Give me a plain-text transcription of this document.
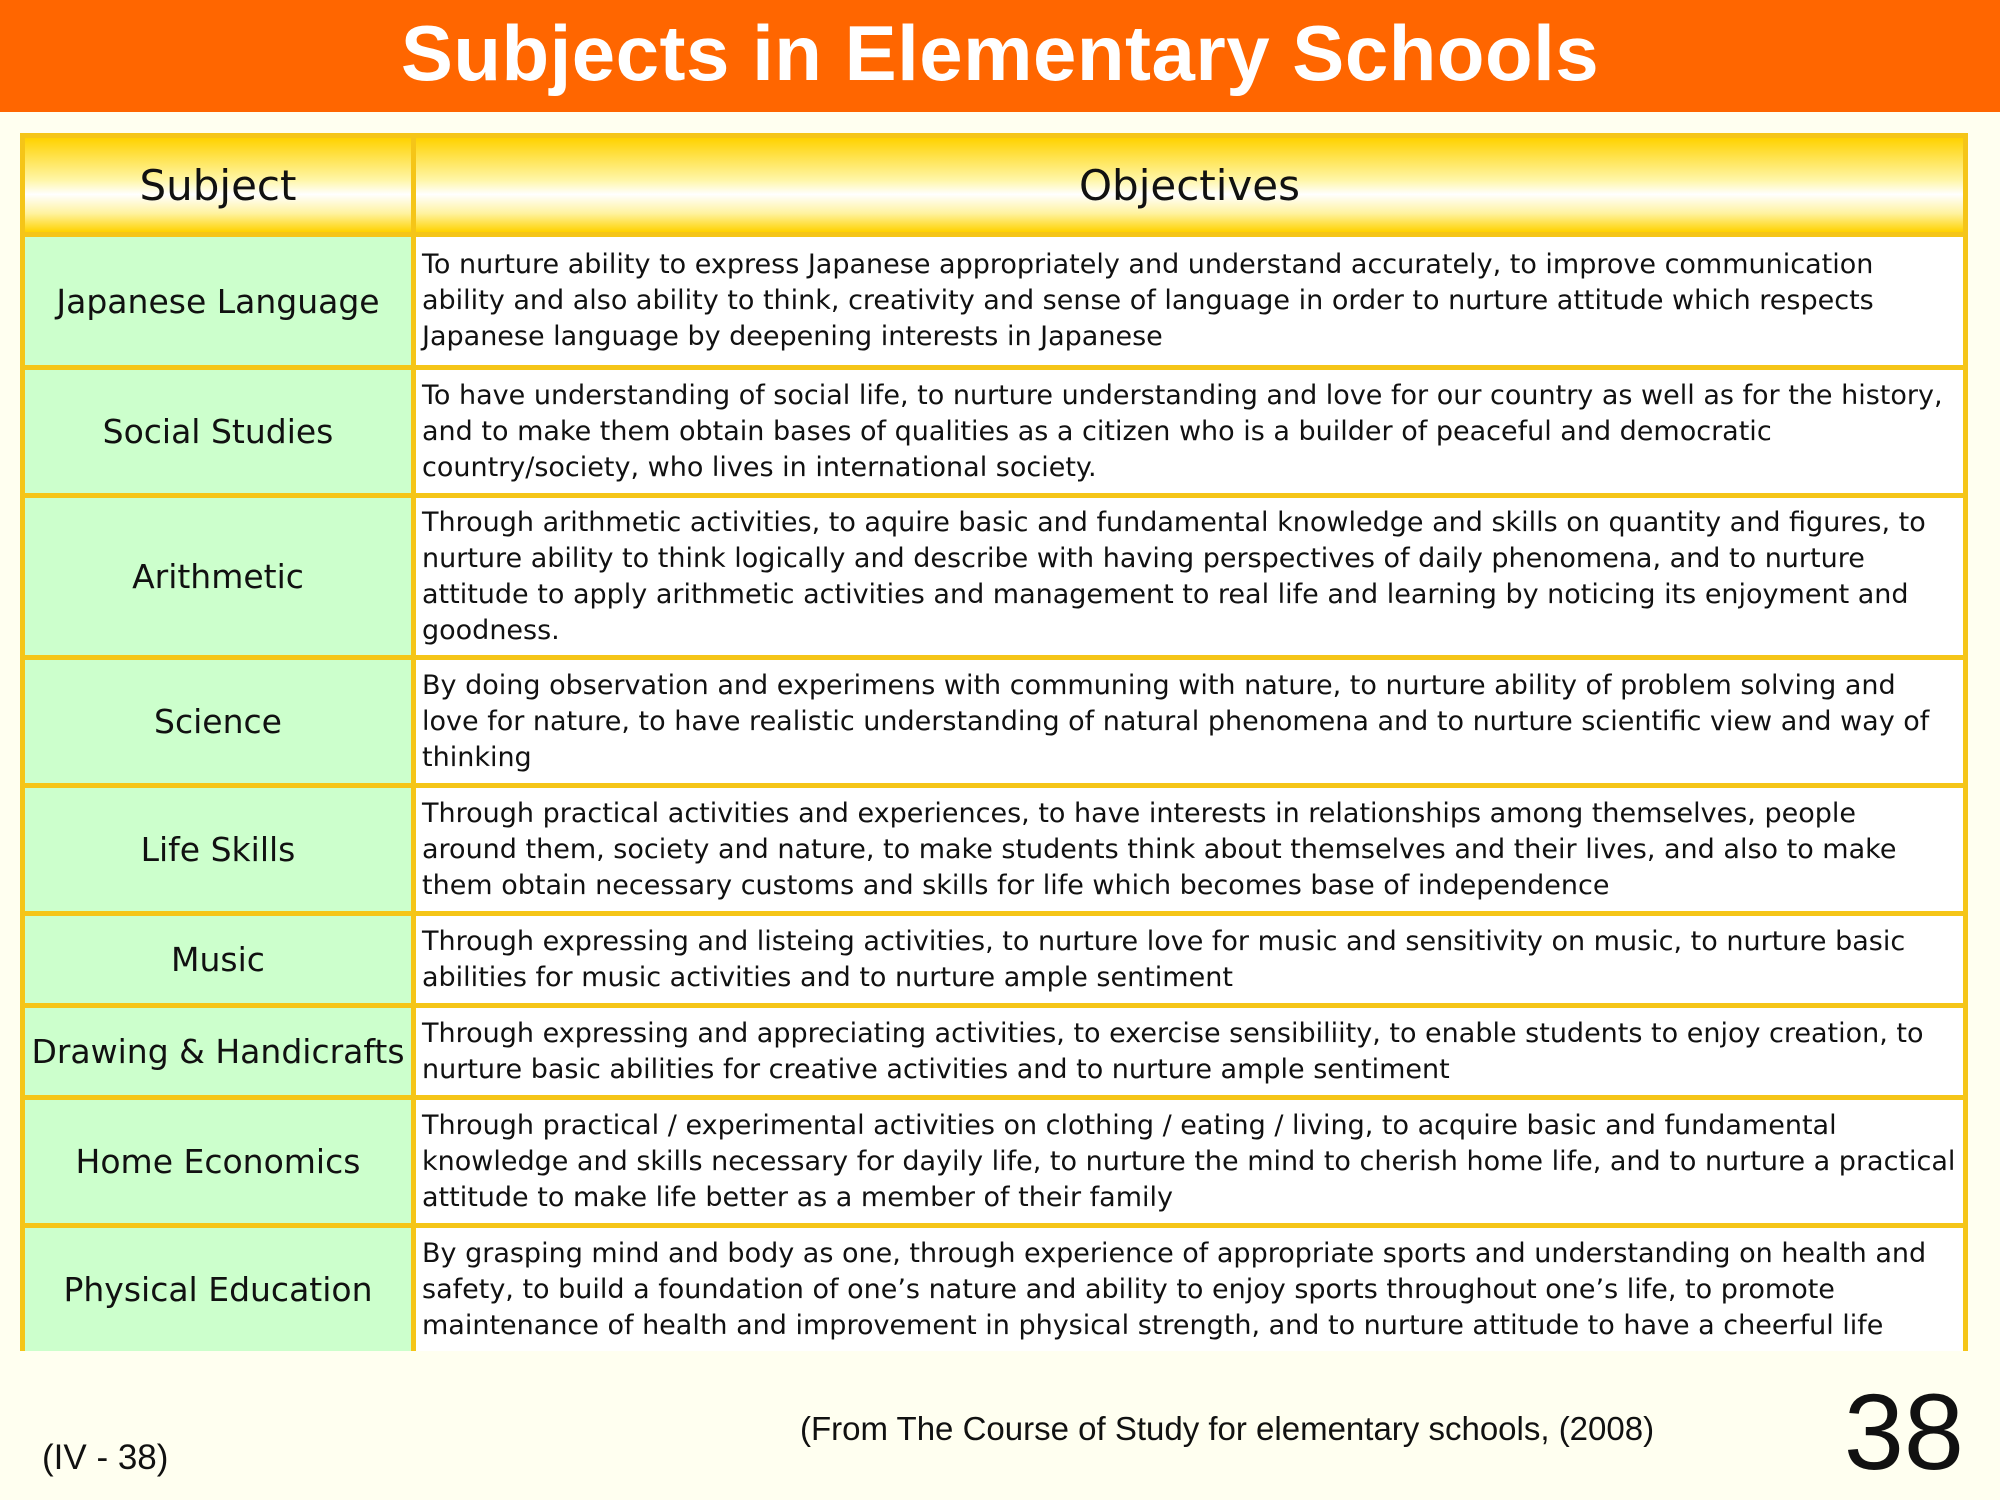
Subjects in Elementary Schools
Subject	Objectives
Japanese Language	To nurture ability to express Japanese appropriately and understand accurately, to improve communication ability and also ability to think, creativity and sense of language in order to nurture attitude which respects Japanese language by deepening interests in Japanese
Social Studies	To have understanding of social life, to nurture understanding and love for our country as well as for the history, and to make them obtain bases of qualities as a citizen who is a builder of peaceful and democratic country/society, who lives in international society.
Arithmetic	Through arithmetic activities, to aquire basic and fundamental knowledge and skills on quantity and figures, to nurture ability to think logically and describe with having perspectives of daily phenomena, and to nurture attitude to apply arithmetic activities and management to real life and learning by noticing its enjoyment and goodness.
Science	By doing observation and experimens with communing with nature, to nurture ability of problem solving and love for nature, to have realistic understanding of natural phenomena and to nurture scientific view and way of thinking
Life Skills	Through practical activities and experiences, to have interests in relationships among themselves, people around them, society and nature, to make students think about themselves and their lives, and also to make them obtain necessary customs and skills for life which becomes base of independence
Music	Through expressing and listeing activities, to nurture love for music and sensitivity on music, to nurture basic abilities for music activities and to nurture ample sentiment
Drawing & Handicrafts	Through expressing and appreciating activities, to exercise sensibiliity, to enable students to enjoy creation, to nurture basic abilities for creative activities and to nurture ample sentiment
Home Economics	Through practical / experimental activities on clothing / eating / living, to acquire basic and fundamental knowledge and skills necessary for dayily life, to nurture the mind to cherish home life, and to nurture a practical attitude to make life better as a member of their family
Physical Education	By grasping mind and body as one, through experience of appropriate sports and understanding on health and safety, to build a foundation of one’s nature and ability to enjoy sports throughout one’s life, to promote maintenance of health and improvement in physical strength, and to nurture attitude to have a cheerful life
(From The Course of Study for elementary schools, (2008)
(IV - 38)	38
